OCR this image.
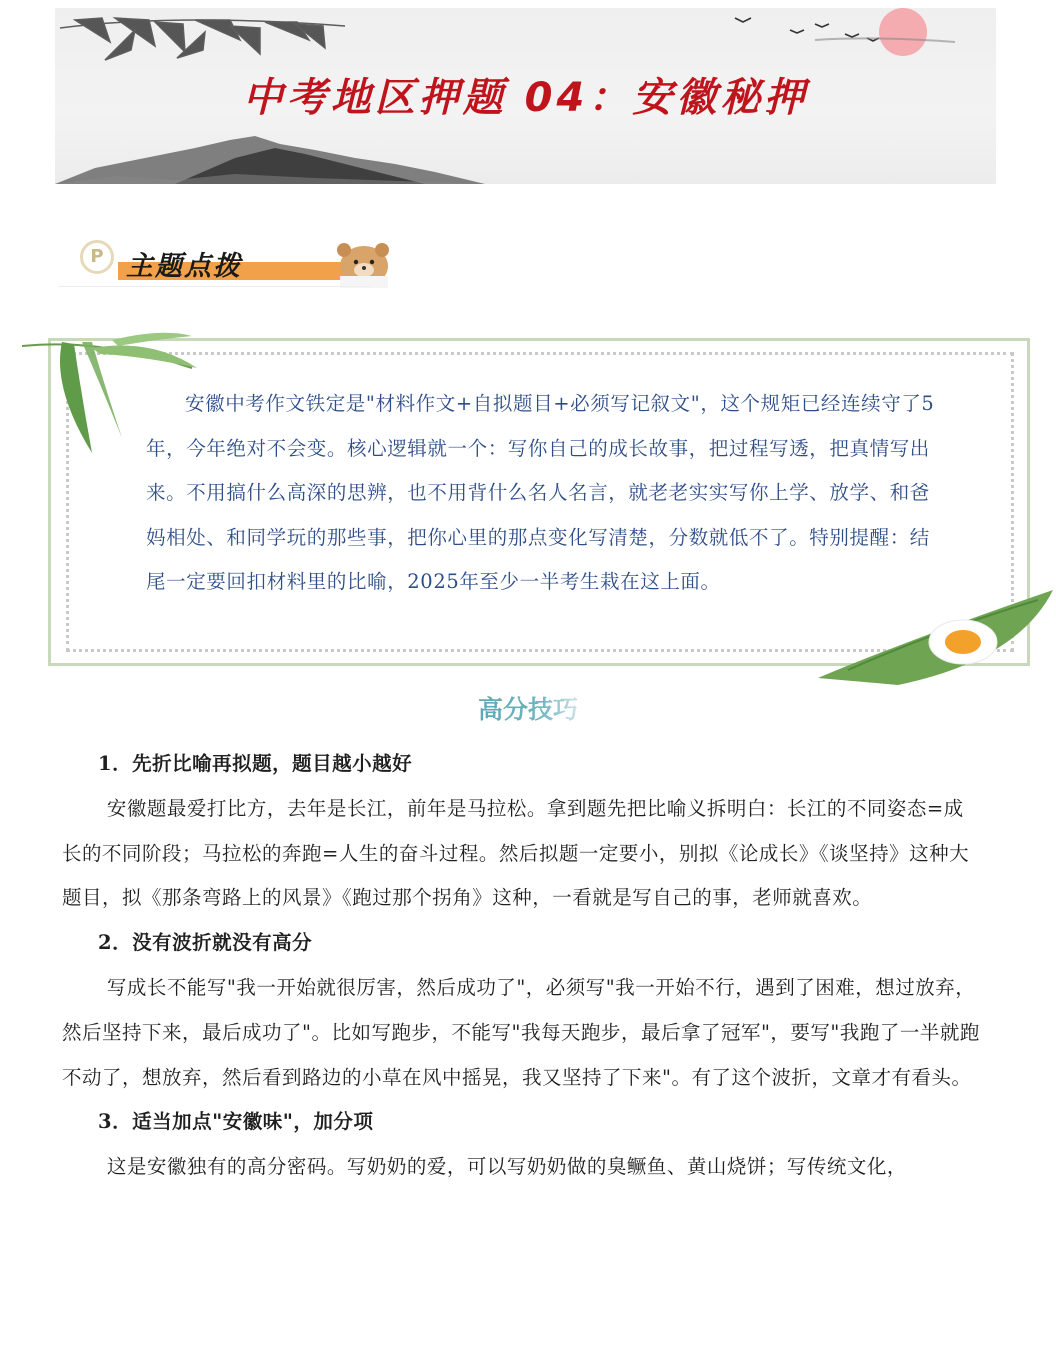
中考地区押题 04：安徽秘押
P 主题点拨

安徽中考作文铁定是"材料作文+自拟题目+必须写记叙文"，这个规矩已经连续守了5年，今年绝对不会变。核心逻辑就一个：写你自己的成长故事，把过程写透，把真情写出来。不用搞什么高深的思辨，也不用背什么名人名言，就老老实实写你上学、放学、和爸妈相处、和同学玩的那些事，把你心里的那点变化写清楚，分数就低不了。特别提醒：结尾一定要回扣材料里的比喻，2025年至少一半考生栽在这上面。

高分技巧
1．先折比喻再拟题，题目越小越好

安徽题最爱打比方，去年是长江，前年是马拉松。拿到题先把比喻义拆明白：长江的不同姿态=成长的不同阶段；马拉松的奔跑=人生的奋斗过程。然后拟题一定要小，别拟《论成长》《谈坚持》这种大题目，拟《那条弯路上的风景》《跑过那个拐角》这种，一看就是写自己的事，老师就喜欢。

2．没有波折就没有高分

写成长不能写"我一开始就很厉害，然后成功了"，必须写"我一开始不行，遇到了困难，想过放弃，然后坚持下来，最后成功了"。比如写跑步，不能写"我每天跑步，最后拿了冠军"，要写"我跑了一半就跑不动了，想放弃，然后看到路边的小草在风中摇晃，我又坚持了下来"。有了这个波折，文章才有看头。

3．适当加点"安徽味"，加分项

这是安徽独有的高分密码。写奶奶的爱，可以写奶奶做的臭鳜鱼、黄山烧饼；写传统文化，
